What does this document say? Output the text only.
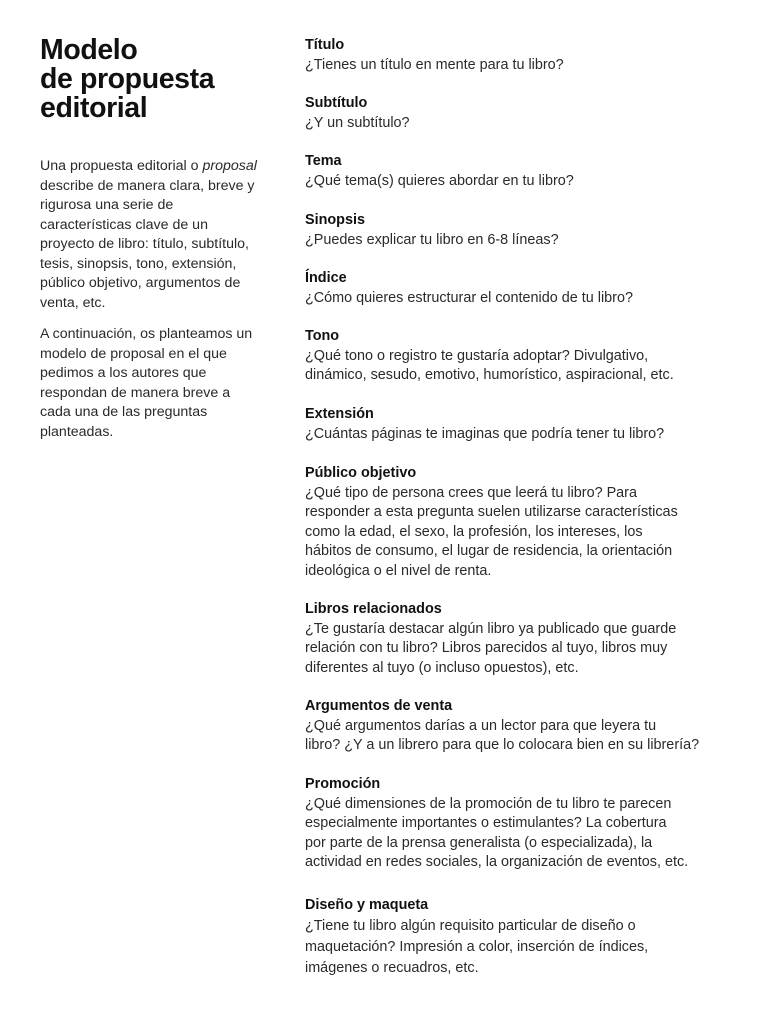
Modelo
de propuesta
editorial

Una propuesta editorial o proposal describe de manera clara, breve y rigurosa una serie de características clave de un proyecto de libro: título, subtítulo, tesis, sinopsis, tono, extensión, público objetivo, argumentos de venta, etc.

A continuación, os planteamos un modelo de proposal en el que pedimos a los autores que respondan de manera breve a cada una de las preguntas planteadas.

Título
¿Tienes un título en mente para tu libro?
Subtítulo
¿Y un subtítulo?
Tema
¿Qué tema(s) quieres abordar en tu libro?
Sinopsis
¿Puedes explicar tu libro en 6-8 líneas?
Índice
¿Cómo quieres estructurar el contenido de tu libro?
Tono
¿Qué tono o registro te gustaría adoptar? Divulgativo,
dinámico, sesudo, emotivo, humorístico, aspiracional, etc.
Extensión
¿Cuántas páginas te imaginas que podría tener tu libro?
Público objetivo
¿Qué tipo de persona crees que leerá tu libro? Para
responder a esta pregunta suelen utilizarse características
como la edad, el sexo, la profesión, los intereses, los
hábitos de consumo, el lugar de residencia, la orientación
ideológica o el nivel de renta.
Libros relacionados
¿Te gustaría destacar algún libro ya publicado que guarde
relación con tu libro? Libros parecidos al tuyo, libros muy
diferentes al tuyo (o incluso opuestos), etc.
Argumentos de venta
¿Qué argumentos darías a un lector para que leyera tu
libro? ¿Y a un librero para que lo colocara bien en su librería?
Promoción
¿Qué dimensiones de la promoción de tu libro te parecen
especialmente importantes o estimulantes? La cobertura
por parte de la prensa generalista (o especializada), la
actividad en redes sociales, la organización de eventos, etc.
Diseño y maqueta
¿Tiene tu libro algún requisito particular de diseño o
maquetación? Impresión a color, inserción de índices,
imágenes o recuadros, etc.
